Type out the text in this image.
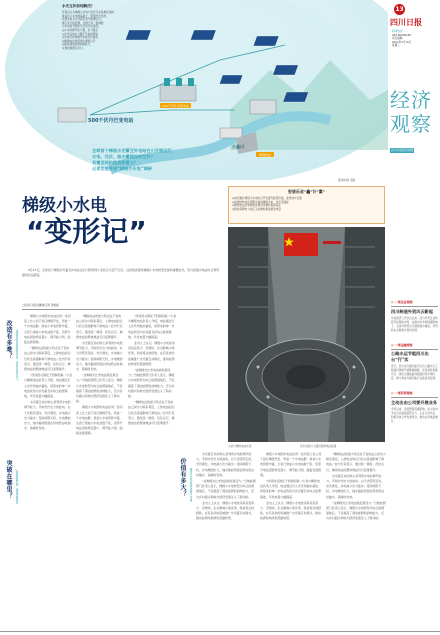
13
四川日报
新闻热线：
028-86968180
责任编辑：
2022年5月18日
星期三
水光互补如何解决？
有观点认为梯级小水电与光伏互补是最优选择，
就是在小水电的基础上，配置光伏发电，
实现水电与光伏的互补与协调运行。
据人民日报报道，全国已有一批梯级
小水电站开展水光互补试点建设。
◎小水电调节能力强、出力稳定
◎光伏发电出力随天气波动明显
◎水电可快速调节补偿光伏波动
◎梯级电站协同优化调度运行
◎提高清洁能源消纳能力，
实现电网稳定运行。
220千伏升压变电站
500千伏丹巴变电站
小金川
梯级电站
图/新闻网 高路
全球首个梯级水光蓄互补电站在川开展运行，
水电、光伏、抽水蓄能如何互补？
有着怎样的挑战和意义？
记者走进我省“梯级小水电”调研
经济
观察
四川日报经济观察
梯级小水电
“变形记”
安居乐业“鑫”计“富”
◎如何通过梯级小水电综合开发提升经济价值，促进地方发展
◎能源结构优化调整中如何兼顾水电、光伏及储能
◎梯级电站统筹调度管理带来哪些积极变化
◎既能保障电力供应又能增加新能源发电量
小金川梯级电站实景	四川省四川大渡河流域电站枢纽

5月17日，全球首个梯级水光蓄互补电站在四川阿坝州小金县正式投产运行。这是我省探索梯级小水电转型发展的重要尝试，将为我国水电站综合利用提供有益借鉴。

□四川日报全媒体记者 李松松
改造有多难？	梯级电站由谁来投资改造、改造后如何运行？
突破在哪里？	创新体制机制、加强统筹规划	价值有多大？	梯级小水电如何发挥更大作用

梯级小水电即水电站在同一条河流上自上而下进行梯级开发，形成一个水电站群。我省小水电资源丰富，全省已建成小水电站数千座，但部分电站因装机容量小、调节能力弱，面临发展困境。

“梯级电站的最大特点在于各电站之间水力联系紧密，上游电站的运行状态直接影响下游电站。”业内专家表示，通过统一调度、优化运行，梯级电站的整体效益可以显著提升。

“改造的关键在于机制创新。”小金川梯级电站负责人介绍，电站通过引入光伏和抽水蓄能，将原来的单一水电站改造为水光蓄互补综合能源基地，年发电量大幅提高。

水光蓄互补的核心是利用水电的调节能力，平抑光伏出力的波动。白天光照充足时，光伏满发，水电减少出力蓄水；夜间或阴天时，水电增加出力，抽水蓄能机组在用电低谷时抽水、高峰时发电。

“梯级电站的最大特点在于各电站之间水力联系紧密，上游电站的运行状态直接影响下游电站。”业内专家表示，通过统一调度、优化运行，梯级电站的整体效益可以显著提升。

水光蓄互补的核心是利用水电的调节能力，平抑光伏出力的波动。白天光照充足时，光伏满发，水电减少出力蓄水；夜间或阴天时，水电增加出力，抽水蓄能机组在用电低谷时抽水、高峰时发电。

“这种模式让老电站焕发新活力。”当地能源部门负责人表示，梯级小水电转型为综合能源基地后，不仅提高了清洁能源的消纳能力，还为乡村振兴和地方经济发展注入了新动能。

梯级小水电即水电站在同一条河流上自上而下进行梯级开发，形成一个水电站群。我省小水电资源丰富，全省已建成小水电站数千座，但部分电站因装机容量小、调节能力弱，面临发展困境。

“改造的关键在于机制创新。”小金川梯级电站负责人介绍，电站通过引入光伏和抽水蓄能，将原来的单一水电站改造为水光蓄互补综合能源基地，年发电量大幅提高。

业内人士认为，梯级小水电改造具有投资少、见效快、生态影响小等优势。我省将总结经验，在有条件的流域推广水光蓄互补模式，推动能源结构绿色低碳转型。

“这种模式让老电站焕发新活力。”当地能源部门负责人表示，梯级小水电转型为综合能源基地后，不仅提高了清洁能源的消纳能力，还为乡村振兴和地方经济发展注入了新动能。

“梯级电站的最大特点在于各电站之间水力联系紧密，上游电站的运行状态直接影响下游电站。”业内专家表示，通过统一调度、优化运行，梯级电站的整体效益可以显著提升。

水光蓄互补的核心是利用水电的调节能力，平抑光伏出力的波动。白天光照充足时，光伏满发，水电减少出力蓄水；夜间或阴天时，水电增加出力，抽水蓄能机组在用电低谷时抽水、高峰时发电。

“这种模式让老电站焕发新活力。”当地能源部门负责人表示，梯级小水电转型为综合能源基地后，不仅提高了清洁能源的消纳能力，还为乡村振兴和地方经济发展注入了新动能。

业内人士认为，梯级小水电改造具有投资少、见效快、生态影响小等优势。我省将总结经验，在有条件的流域推广水光蓄互补模式，推动能源结构绿色低碳转型。

梯级小水电即水电站在同一条河流上自上而下进行梯级开发，形成一个水电站群。我省小水电资源丰富，全省已建成小水电站数千座，但部分电站因装机容量小、调节能力弱，面临发展困境。

“改造的关键在于机制创新。”小金川梯级电站负责人介绍，电站通过引入光伏和抽水蓄能，将原来的单一水电站改造为水光蓄互补综合能源基地，年发电量大幅提高。

业内人士认为，梯级小水电改造具有投资少、见效快、生态影响小等优势。我省将总结经验，在有条件的流域推广水光蓄互补模式，推动能源结构绿色低碳转型。

“梯级电站的最大特点在于各电站之间水力联系紧密，上游电站的运行状态直接影响下游电站。”业内专家表示，通过统一调度、优化运行，梯级电站的整体效益可以显著提升。

水光蓄互补的核心是利用水电的调节能力，平抑光伏出力的波动。白天光照充足时，光伏满发，水电减少出力蓄水；夜间或阴天时，水电增加出力，抽水蓄能机组在用电低谷时抽水、高峰时发电。

“这种模式让老电站焕发新活力。”当地能源部门负责人表示，梯级小水电转型为综合能源基地后，不仅提高了清洁能源的消纳能力，还为乡村振兴和地方经济发展注入了新动能。

◎ 一周企业观察
四川制造外贸风云新起
中央经济工作会议以来，四川外贸企业积极开拓国际市场，在国内外多种因素影响下，全省外贸进出口继续稳中提质，外贸新业态新模式加快发展。
◎ 一周金融观察
公路水运节能四川出台“行”实
近日，四川省交通运输厅出台公路水运工程建设领域节能降碳措施，涉及绿色低碳出行、绿色交通基础设施建设等多项内容，助力我省交通运输行业高质量发展。
◎ 一周消费观察
主动出击公司要开展业务
今年以来，受疫情等因素影响，四川省内多家企业面临经营压力，企业主动出击，积极寻求合作发展机会，推动业务恢复增长。
